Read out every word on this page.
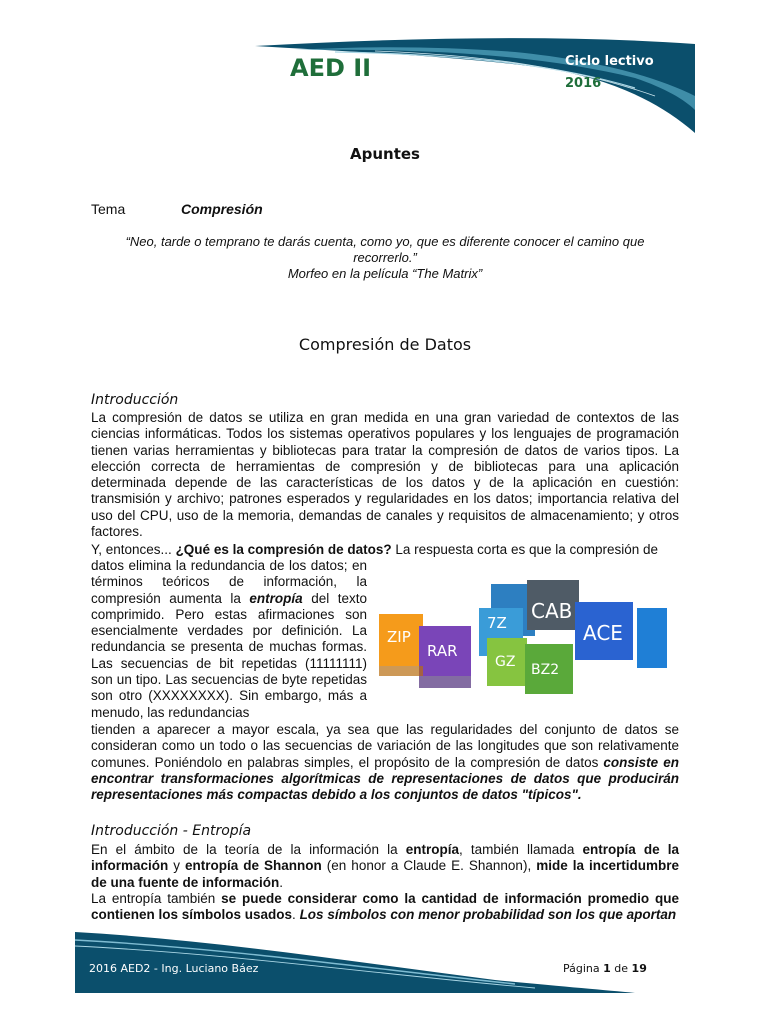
AED II	Ciclo lectivo
2016
Apuntes
Tema	Compresión
“Neo, tarde o temprano te darás cuenta, como yo, que es diferente conocer el camino que
recorrerlo.”
Morfeo en la película “The Matrix”
Compresión de Datos
Introducción
La compresión de datos se utiliza en gran medida en una gran variedad de contextos de las ciencias informáticas. Todos los sistemas operativos populares y los lenguajes de programación tienen varias herramientas y bibliotecas para tratar la compresión de datos de varios tipos. La elección correcta de herramientas de compresión y de bibliotecas para una aplicación determinada depende de las características de los datos y de la aplicación en cuestión: transmisión y archivo; patrones esperados y regularidades en los datos; importancia relativa del uso del CPU, uso de la memoria, demandas de canales y requisitos de almacenamiento; y otros factores.
Y, entonces... ¿Qué es la compresión de datos? La respuesta corta es que la compresión de
datos elimina la redundancia de los datos; en términos teóricos de información, la compresión aumenta la entropía del texto comprimido. Pero estas afirmaciones son esencialmente verdades por definición. La redundancia se presenta de muchas formas. Las secuencias de bit repetidas (11111111) son un tipo. Las secuencias de byte repetidas son otro (XXXXXXXX). Sin embargo, más a menudo, las redundancias
ZIP
RAR
7Z CAB
ACE
GZ BZ2
tienden a aparecer a mayor escala, ya sea que las regularidades del conjunto de datos se consideran como un todo o las secuencias de variación de las longitudes que son relativamente comunes. Poniéndolo en palabras simples, el propósito de la compresión de datos consiste en encontrar transformaciones algorítmicas de representaciones de datos que producirán representaciones más compactas debido a los conjuntos de datos "típicos".
Introducción - Entropía
En el ámbito de la teoría de la información la entropía, también llamada entropía de la información y entropía de Shannon (en honor a Claude E. Shannon), mide la incertidumbre de una fuente de información.
La entropía también se puede considerar como la cantidad de información promedio que contienen los símbolos usados. Los símbolos con menor probabilidad son los que aportan
2016 AED2 - Ing. Luciano Báez	Página 1 de 19
